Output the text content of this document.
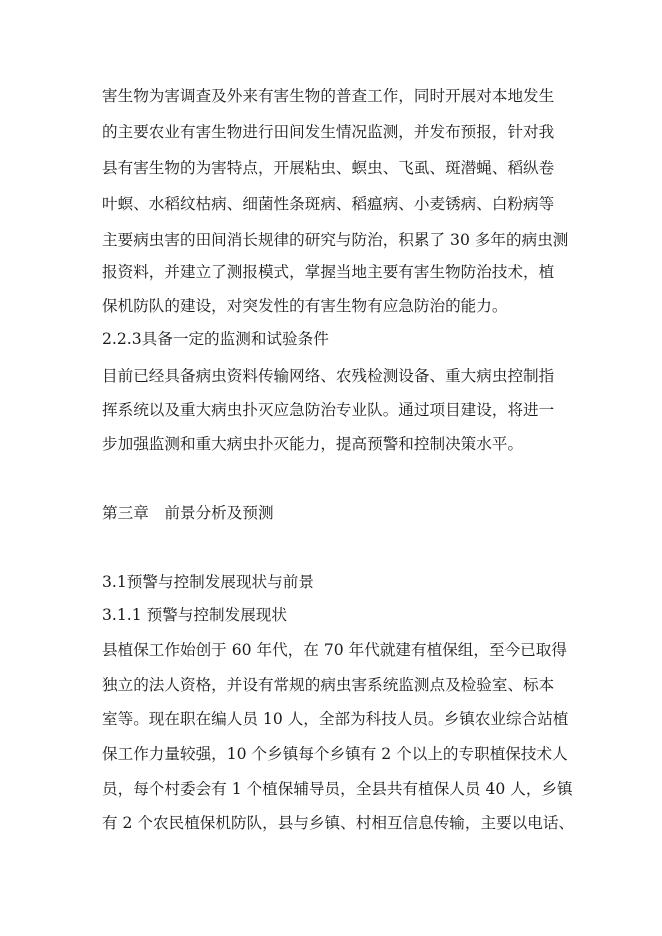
害生物为害调查及外来有害生物的普查工作，同时开展对本地发生
的主要农业有害生物进行田间发生情况监测，并发布预报，针对我
县有害生物的为害特点，开展粘虫、螟虫、飞虱、斑潜蝇、稻纵卷
叶螟、水稻纹枯病、细菌性条斑病、稻瘟病、小麦锈病、白粉病等
主要病虫害的田间消长规律的研究与防治，积累了 30 多年的病虫测
报资料，并建立了测报模式，掌握当地主要有害生物防治技术，植
保机防队的建设，对突发性的有害生物有应急防治的能力。
2.2.3具备一定的监测和试验条件
目前已经具备病虫资料传输网络、农残检测设备、重大病虫控制指
挥系统以及重大病虫扑灭应急防治专业队。通过项目建设，将进一
步加强监测和重大病虫扑灭能力，提高预警和控制决策水平。
第三章　前景分析及预测
3.1预警与控制发展现状与前景
3.1.1 预警与控制发展现状
县植保工作始创于 60 年代，在 70 年代就建有植保组，至今已取得
独立的法人资格，并设有常规的病虫害系统监测点及检验室、标本
室等。现在职在编人员 10 人，全部为科技人员。乡镇农业综合站植
保工作力量较强，10 个乡镇每个乡镇有 2 个以上的专职植保技术人
员，每个村委会有 1 个植保辅导员，全县共有植保人员 40 人，乡镇
有 2 个农民植保机防队，县与乡镇、村相互信息传输，主要以电话、
